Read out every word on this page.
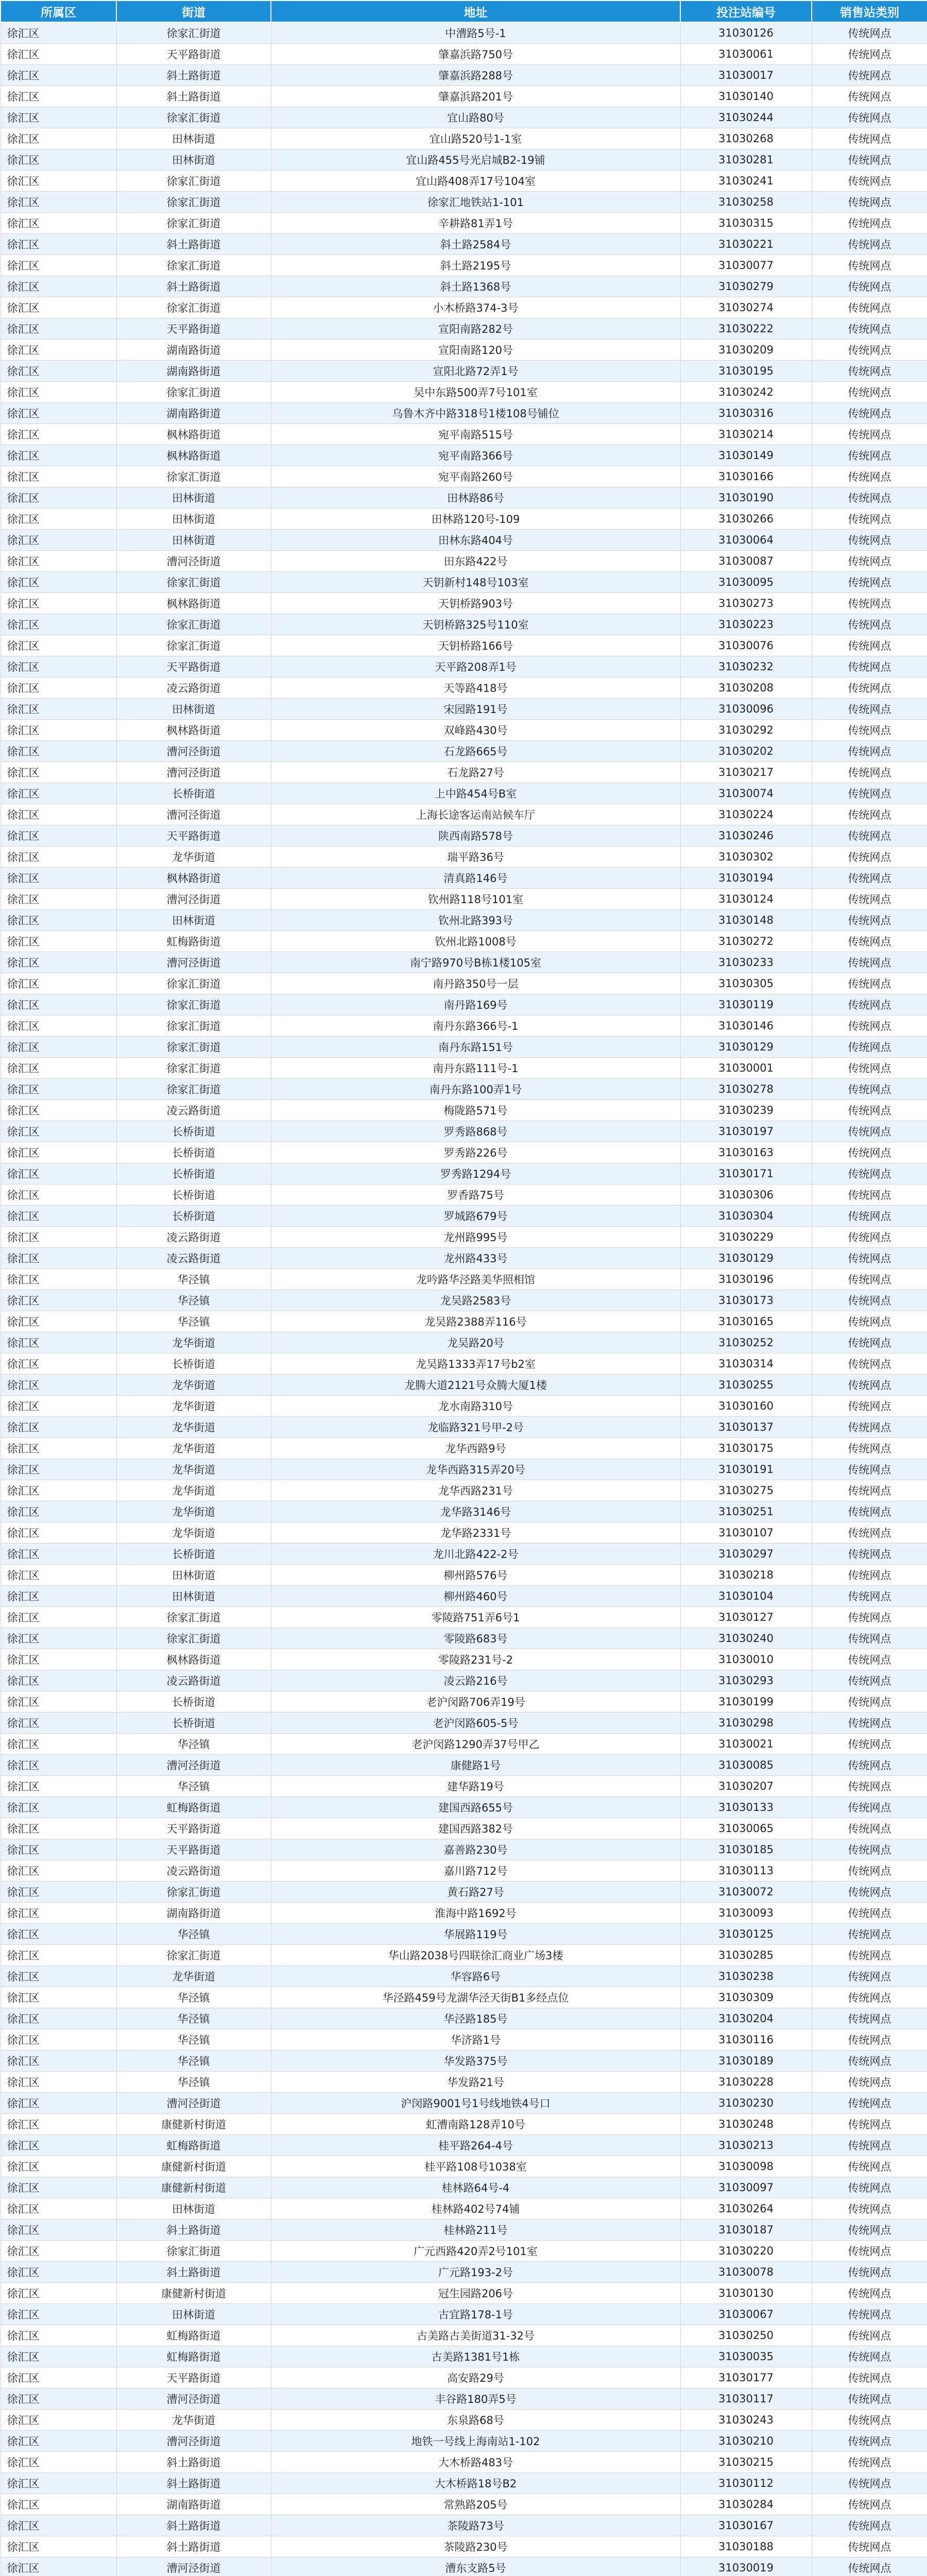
所属区	街道	地址	投注站编号	销售站类别
徐汇区	徐家汇街道	中漕路5号-1	31030126	传统网点
徐汇区	天平路街道	肇嘉浜路750号	31030061	传统网点
徐汇区	斜土路街道	肇嘉浜路288号	31030017	传统网点
徐汇区	斜土路街道	肇嘉浜路201号	31030140	传统网点
徐汇区	徐家汇街道	宜山路80号	31030244	传统网点
徐汇区	田林街道	宜山路520号1-1室	31030268	传统网点
徐汇区	田林街道	宜山路455号光启城B2-19铺	31030281	传统网点
徐汇区	徐家汇街道	宜山路408弄17号104室	31030241	传统网点
徐汇区	徐家汇街道	徐家汇地铁站1-101	31030258	传统网点
徐汇区	徐家汇街道	辛耕路81弄1号	31030315	传统网点
徐汇区	斜土路街道	斜土路2584号	31030221	传统网点
徐汇区	徐家汇街道	斜土路2195号	31030077	传统网点
徐汇区	斜土路街道	斜土路1368号	31030279	传统网点
徐汇区	徐家汇街道	小木桥路374-3号	31030274	传统网点
徐汇区	天平路街道	宣阳南路282号	31030222	传统网点
徐汇区	湖南路街道	宣阳南路120号	31030209	传统网点
徐汇区	湖南路街道	宣阳北路72弄1号	31030195	传统网点
徐汇区	徐家汇街道	吴中东路500弄7号101室	31030242	传统网点
徐汇区	湖南路街道	乌鲁木齐中路318号1楼108号铺位	31030316	传统网点
徐汇区	枫林路街道	宛平南路515号	31030214	传统网点
徐汇区	枫林路街道	宛平南路366号	31030149	传统网点
徐汇区	徐家汇街道	宛平南路260号	31030166	传统网点
徐汇区	田林街道	田林路86号	31030190	传统网点
徐汇区	田林街道	田林路120号-109	31030266	传统网点
徐汇区	田林街道	田林东路404号	31030064	传统网点
徐汇区	漕河泾街道	田东路422号	31030087	传统网点
徐汇区	徐家汇街道	天钥新村148号103室	31030095	传统网点
徐汇区	枫林路街道	天钥桥路903号	31030273	传统网点
徐汇区	徐家汇街道	天钥桥路325号110室	31030223	传统网点
徐汇区	徐家汇街道	天钥桥路166号	31030076	传统网点
徐汇区	天平路街道	天平路208弄1号	31030232	传统网点
徐汇区	凌云路街道	天等路418号	31030208	传统网点
徐汇区	田林街道	宋园路191号	31030096	传统网点
徐汇区	枫林路街道	双峰路430号	31030292	传统网点
徐汇区	漕河泾街道	石龙路665号	31030202	传统网点
徐汇区	漕河泾街道	石龙路27号	31030217	传统网点
徐汇区	长桥街道	上中路454号B室	31030074	传统网点
徐汇区	漕河泾街道	上海长途客运南站候车厅	31030224	传统网点
徐汇区	天平路街道	陕西南路578号	31030246	传统网点
徐汇区	龙华街道	瑞平路36号	31030302	传统网点
徐汇区	枫林路街道	清真路146号	31030194	传统网点
徐汇区	漕河泾街道	钦州路118号101室	31030124	传统网点
徐汇区	田林街道	钦州北路393号	31030148	传统网点
徐汇区	虹梅路街道	钦州北路1008号	31030272	传统网点
徐汇区	漕河泾街道	南宁路970号B栋1楼105室	31030233	传统网点
徐汇区	徐家汇街道	南丹路350号一层	31030305	传统网点
徐汇区	徐家汇街道	南丹路169号	31030119	传统网点
徐汇区	徐家汇街道	南丹东路366号-1	31030146	传统网点
徐汇区	徐家汇街道	南丹东路151号	31030129	传统网点
徐汇区	徐家汇街道	南丹东路111号-1	31030001	传统网点
徐汇区	徐家汇街道	南丹东路100弄1号	31030278	传统网点
徐汇区	凌云路街道	梅陇路571号	31030239	传统网点
徐汇区	长桥街道	罗秀路868号	31030197	传统网点
徐汇区	长桥街道	罗秀路226号	31030163	传统网点
徐汇区	长桥街道	罗秀路1294号	31030171	传统网点
徐汇区	长桥街道	罗香路75号	31030306	传统网点
徐汇区	长桥街道	罗城路679号	31030304	传统网点
徐汇区	凌云路街道	龙州路995号	31030229	传统网点
徐汇区	凌云路街道	龙州路433号	31030129	传统网点
徐汇区	华泾镇	龙吟路华泾路美华照相馆	31030196	传统网点
徐汇区	华泾镇	龙吴路2583号	31030173	传统网点
徐汇区	华泾镇	龙吴路2388弄116号	31030165	传统网点
徐汇区	龙华街道	龙吴路20号	31030252	传统网点
徐汇区	长桥街道	龙吴路1333弄17号b2室	31030314	传统网点
徐汇区	龙华街道	龙腾大道2121号众腾大厦1楼	31030255	传统网点
徐汇区	龙华街道	龙水南路310号	31030160	传统网点
徐汇区	龙华街道	龙临路321号甲-2号	31030137	传统网点
徐汇区	龙华街道	龙华西路9号	31030175	传统网点
徐汇区	龙华街道	龙华西路315弄20号	31030191	传统网点
徐汇区	龙华街道	龙华西路231号	31030275	传统网点
徐汇区	龙华街道	龙华路3146号	31030251	传统网点
徐汇区	龙华街道	龙华路2331号	31030107	传统网点
徐汇区	长桥街道	龙川北路422-2号	31030297	传统网点
徐汇区	田林街道	柳州路576号	31030218	传统网点
徐汇区	田林街道	柳州路460号	31030104	传统网点
徐汇区	徐家汇街道	零陵路751弄6号1	31030127	传统网点
徐汇区	徐家汇街道	零陵路683号	31030240	传统网点
徐汇区	枫林路街道	零陵路231号-2	31030010	传统网点
徐汇区	凌云路街道	凌云路216号	31030293	传统网点
徐汇区	长桥街道	老沪闵路706弄19号	31030199	传统网点
徐汇区	长桥街道	老沪闵路605-5号	31030298	传统网点
徐汇区	华泾镇	老沪闵路1290弄37号甲乙	31030021	传统网点
徐汇区	漕河泾街道	康健路1号	31030085	传统网点
徐汇区	华泾镇	建华路19号	31030207	传统网点
徐汇区	虹梅路街道	建国西路655号	31030133	传统网点
徐汇区	天平路街道	建国西路382号	31030065	传统网点
徐汇区	天平路街道	嘉善路230号	31030185	传统网点
徐汇区	凌云路街道	嘉川路712号	31030113	传统网点
徐汇区	徐家汇街道	黄石路27号	31030072	传统网点
徐汇区	湖南路街道	淮海中路1692号	31030093	传统网点
徐汇区	华泾镇	华展路119号	31030125	传统网点
徐汇区	徐家汇街道	华山路2038号四联徐汇商业广场3楼	31030285	传统网点
徐汇区	龙华街道	华容路6号	31030238	传统网点
徐汇区	华泾镇	华泾路459号龙湖华泾天街B1多经点位	31030309	传统网点
徐汇区	华泾镇	华泾路185号	31030204	传统网点
徐汇区	华泾镇	华济路1号	31030116	传统网点
徐汇区	华泾镇	华发路375号	31030189	传统网点
徐汇区	华泾镇	华发路21号	31030228	传统网点
徐汇区	漕河泾街道	沪闵路9001号1号线地铁4号口	31030230	传统网点
徐汇区	康健新村街道	虹漕南路128弄10号	31030248	传统网点
徐汇区	虹梅路街道	桂平路264-4号	31030213	传统网点
徐汇区	康健新村街道	桂平路108号1038室	31030098	传统网点
徐汇区	康健新村街道	桂林路64号-4	31030097	传统网点
徐汇区	田林街道	桂林路402号74铺	31030264	传统网点
徐汇区	斜土路街道	桂林路211号	31030187	传统网点
徐汇区	徐家汇街道	广元西路420弄2号101室	31030220	传统网点
徐汇区	斜土路街道	广元路193-2号	31030078	传统网点
徐汇区	康健新村街道	冠生园路206号	31030130	传统网点
徐汇区	田林街道	古宜路178-1号	31030067	传统网点
徐汇区	虹梅路街道	古美路古美街道31-32号	31030250	传统网点
徐汇区	虹梅路街道	古美路1381号1栋	31030035	传统网点
徐汇区	天平路街道	高安路29号	31030177	传统网点
徐汇区	漕河泾街道	丰谷路180弄5号	31030117	传统网点
徐汇区	龙华街道	东泉路68号	31030243	传统网点
徐汇区	漕河泾街道	地铁一号线上海南站1-102	31030210	传统网点
徐汇区	斜土路街道	大木桥路483号	31030215	传统网点
徐汇区	斜土路街道	大木桥路18号B2	31030112	传统网点
徐汇区	湖南路街道	常熟路205号	31030284	传统网点
徐汇区	斜土路街道	茶陵路73号	31030167	传统网点
徐汇区	斜土路街道	茶陵路230号	31030188	传统网点
徐汇区	漕河泾街道	漕东支路5号	31030019	传统网点
